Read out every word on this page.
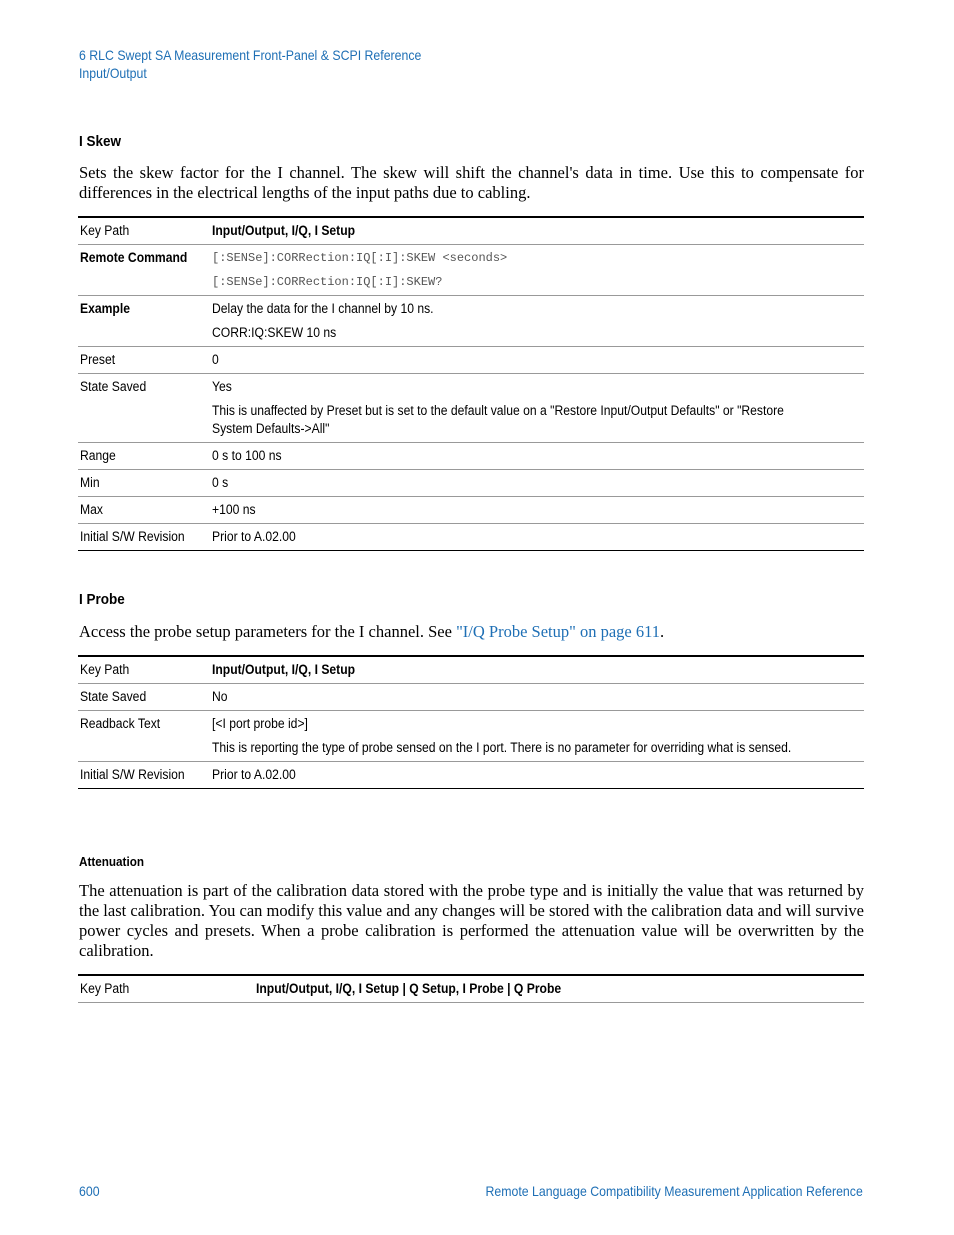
6 RLC Swept SA Measurement Front-Panel & SCPI Reference
Input/Output
I Skew
Sets the skew factor for the I channel. The skew will shift the channel's data in time. Use this to compensate for differences in the electrical lengths of the input paths due to cabling.
Key Path	Input/Output, I/Q, I Setup
Remote Command	[:SENSe]:CORRection:IQ[:I]:SKEW <seconds>
[:SENSe]:CORRection:IQ[:I]:SKEW?

Example	Delay the data for the I channel by 10 ns.
CORR:IQ:SKEW 10 ns

Preset	0
State Saved	Yes
This is unaffected by Preset but is set to the default value on a "Restore Input/Output Defaults" or "Restore System Defaults->All"

Range	0 s to 100 ns
Min	0 s
Max	+100 ns
Initial S/W Revision	Prior to A.02.00
I Probe
Access the probe setup parameters for the I channel. See "I/Q Probe Setup" on page 611.
Key Path	Input/Output, I/Q, I Setup
State Saved	No
Readback Text	[<I port probe id>]
This is reporting the type of probe sensed on the I port. There is no parameter for overriding what is sensed.

Initial S/W Revision	Prior to A.02.00
Attenuation
The attenuation is part of the calibration data stored with the probe type and is initially the value that was returned by the last calibration. You can modify this value and any changes will be stored with the calibration data and will survive power cycles and presets. When a probe calibration is performed the attenuation value will be overwritten by the calibration.
Key Path	Input/Output, I/Q, I Setup | Q Setup, I Probe | Q Probe
600	Remote Language Compatibility Measurement Application Reference
